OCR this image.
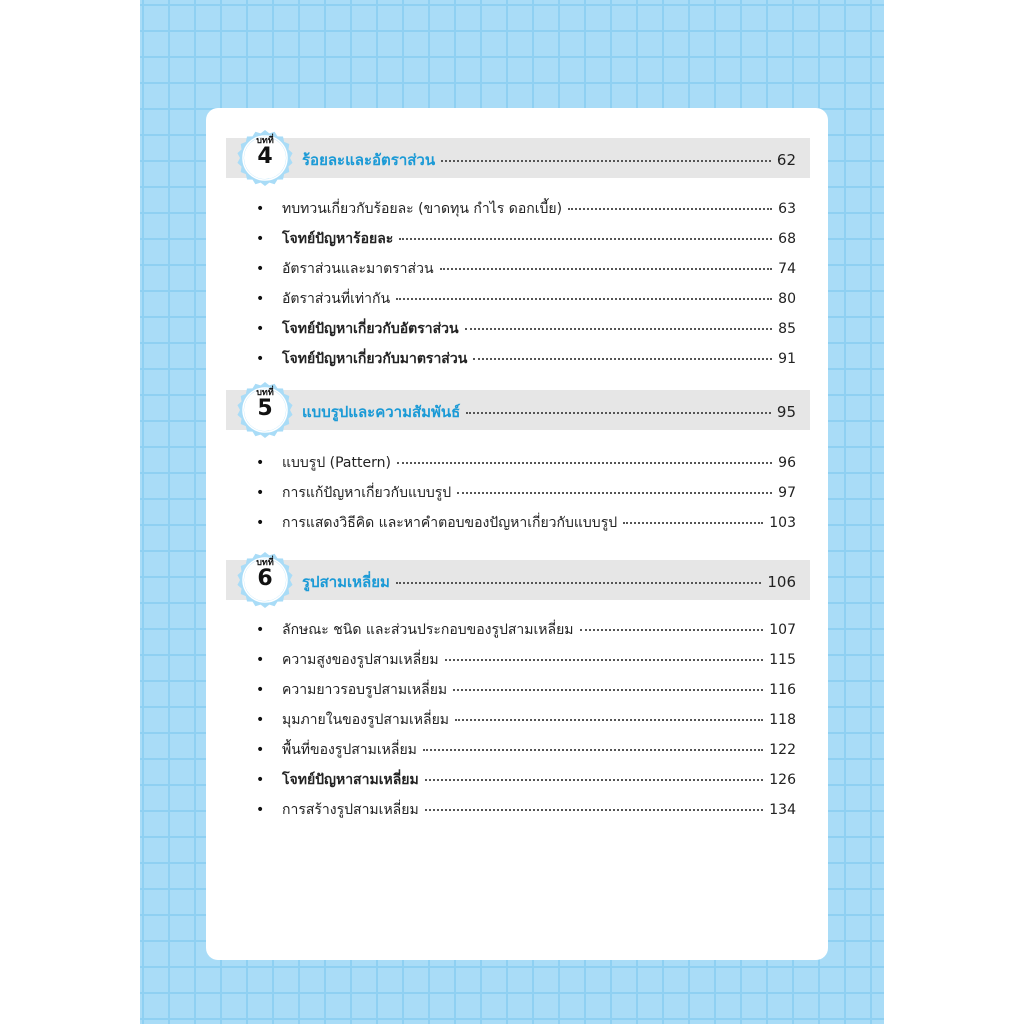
บทที่
4	ร้อยละและอัตราส่วน	62
•	ทบทวนเกี่ยวกับร้อยละ (ขาดทุน กำไร ดอกเบี้ย)	63
•	โจทย์ปัญหาร้อยละ	68
•	อัตราส่วนและมาตราส่วน	74
•	อัตราส่วนที่เท่ากัน	80
•	โจทย์ปัญหาเกี่ยวกับอัตราส่วน	85
•	โจทย์ปัญหาเกี่ยวกับมาตราส่วน	91
บทที่
5	แบบรูปและความสัมพันธ์	95
•	แบบรูป (Pattern)	96
•	การแก้ปัญหาเกี่ยวกับแบบรูป	97
•	การแสดงวิธีคิด และหาคำตอบของปัญหาเกี่ยวกับแบบรูป	103
บทที่
6	รูปสามเหลี่ยม	106
•	ลักษณะ ชนิด และส่วนประกอบของรูปสามเหลี่ยม	107
•	ความสูงของรูปสามเหลี่ยม	115
•	ความยาวรอบรูปสามเหลี่ยม	116
•	มุมภายในของรูปสามเหลี่ยม	118
•	พื้นที่ของรูปสามเหลี่ยม	122
•	โจทย์ปัญหาสามเหลี่ยม	126
•	การสร้างรูปสามเหลี่ยม	134
